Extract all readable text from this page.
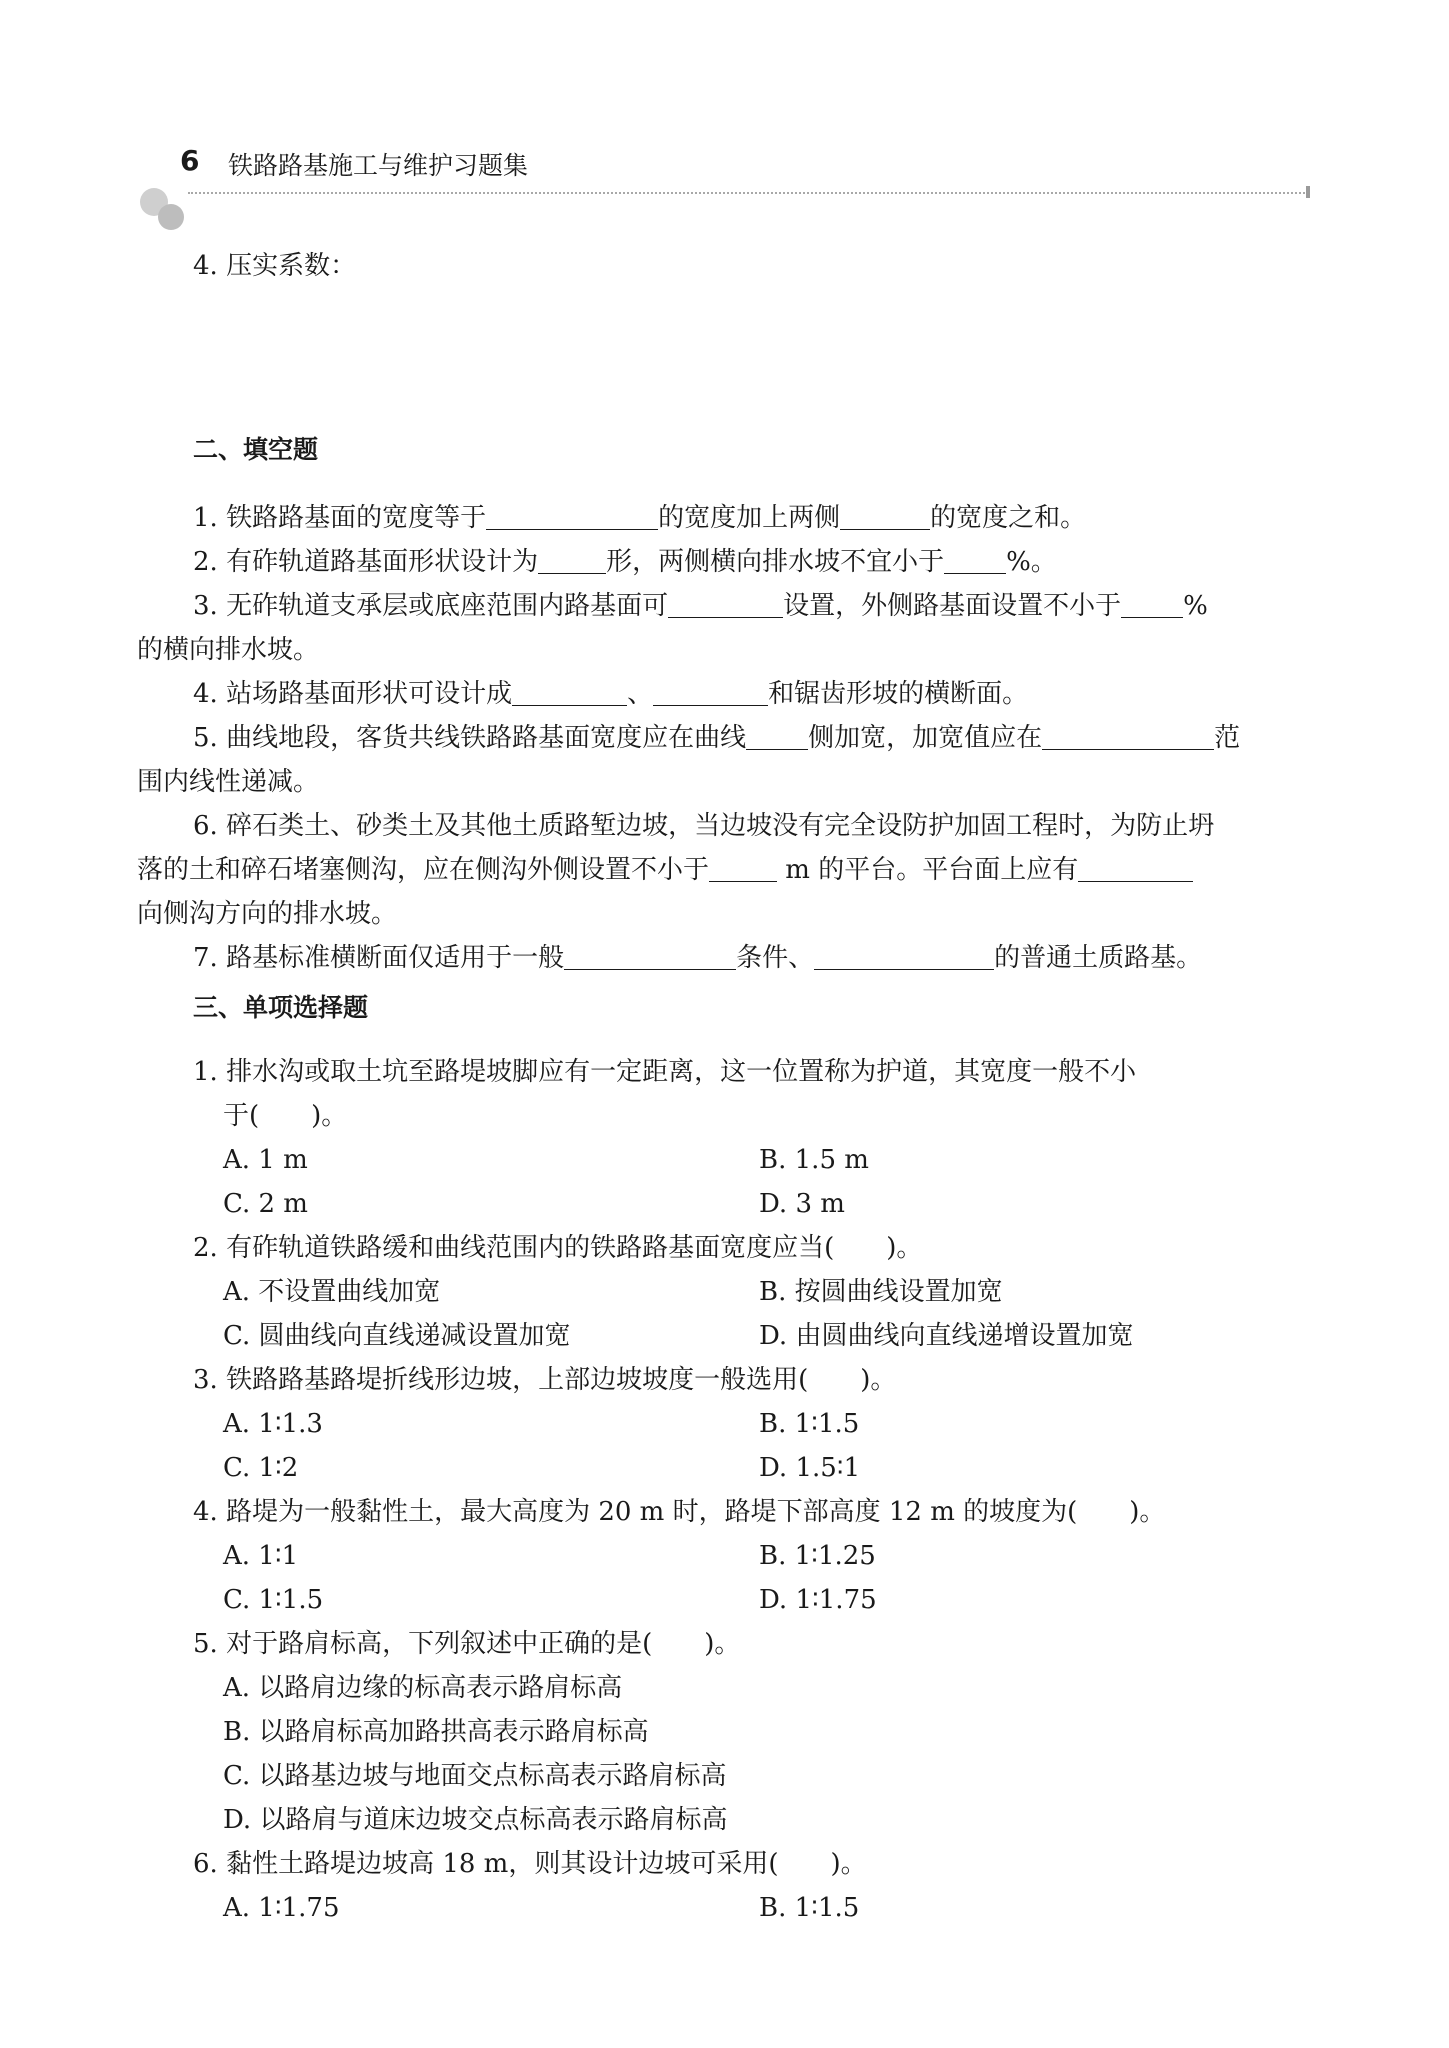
6 铁路路基施工与维护习题集
4. 压实系数：
二、填空题
1. 铁路路基面的宽度等于	的宽度加上两侧	的宽度之和。
2. 有砟轨道路基面形状设计为	形，两侧横向排水坡不宜小于 %。
3. 无砟轨道支承层或底座范围内路基面可	设置，外侧路基面设置不小于 %
的横向排水坡。
4. 站场路基面形状可设计成	、	和锯齿形坡的横断面。
5. 曲线地段，客货共线铁路路基面宽度应在曲线 侧加宽，加宽值应在	范
围内线性递减。
6. 碎石类土、砂类土及其他土质路堑边坡，当边坡没有完全设防护加固工程时，为防止坍
落的土和碎石堵塞侧沟，应在侧沟外侧设置不小于	m 的平台。平台面上应有
向侧沟方向的排水坡。
7. 路基标准横断面仅适用于一般	条件、	的普通土质路基。
三、单项选择题
1. 排水沟或取土坑至路堤坡脚应有一定距离，这一位置称为护道，其宽度一般不小
于(　　)。
A. 1 m	B. 1.5 m
C. 2 m	D. 3 m
2. 有砟轨道铁路缓和曲线范围内的铁路路基面宽度应当(　　)。
A. 不设置曲线加宽	B. 按圆曲线设置加宽
C. 圆曲线向直线递减设置加宽	D. 由圆曲线向直线递增设置加宽
3. 铁路路基路堤折线形边坡，上部边坡坡度一般选用(　　)。
A. 1∶1.3	B. 1∶1.5
C. 1∶2	D. 1.5∶1
4. 路堤为一般黏性土，最大高度为 20 m 时，路堤下部高度 12 m 的坡度为(　　)。
A. 1∶1	B. 1∶1.25
C. 1∶1.5	D. 1∶1.75
5. 对于路肩标高，下列叙述中正确的是(　　)。
A. 以路肩边缘的标高表示路肩标高
B. 以路肩标高加路拱高表示路肩标高
C. 以路基边坡与地面交点标高表示路肩标高
D. 以路肩与道床边坡交点标高表示路肩标高
6. 黏性土路堤边坡高 18 m，则其设计边坡可采用(　　)。
A. 1∶1.75	B. 1∶1.5
